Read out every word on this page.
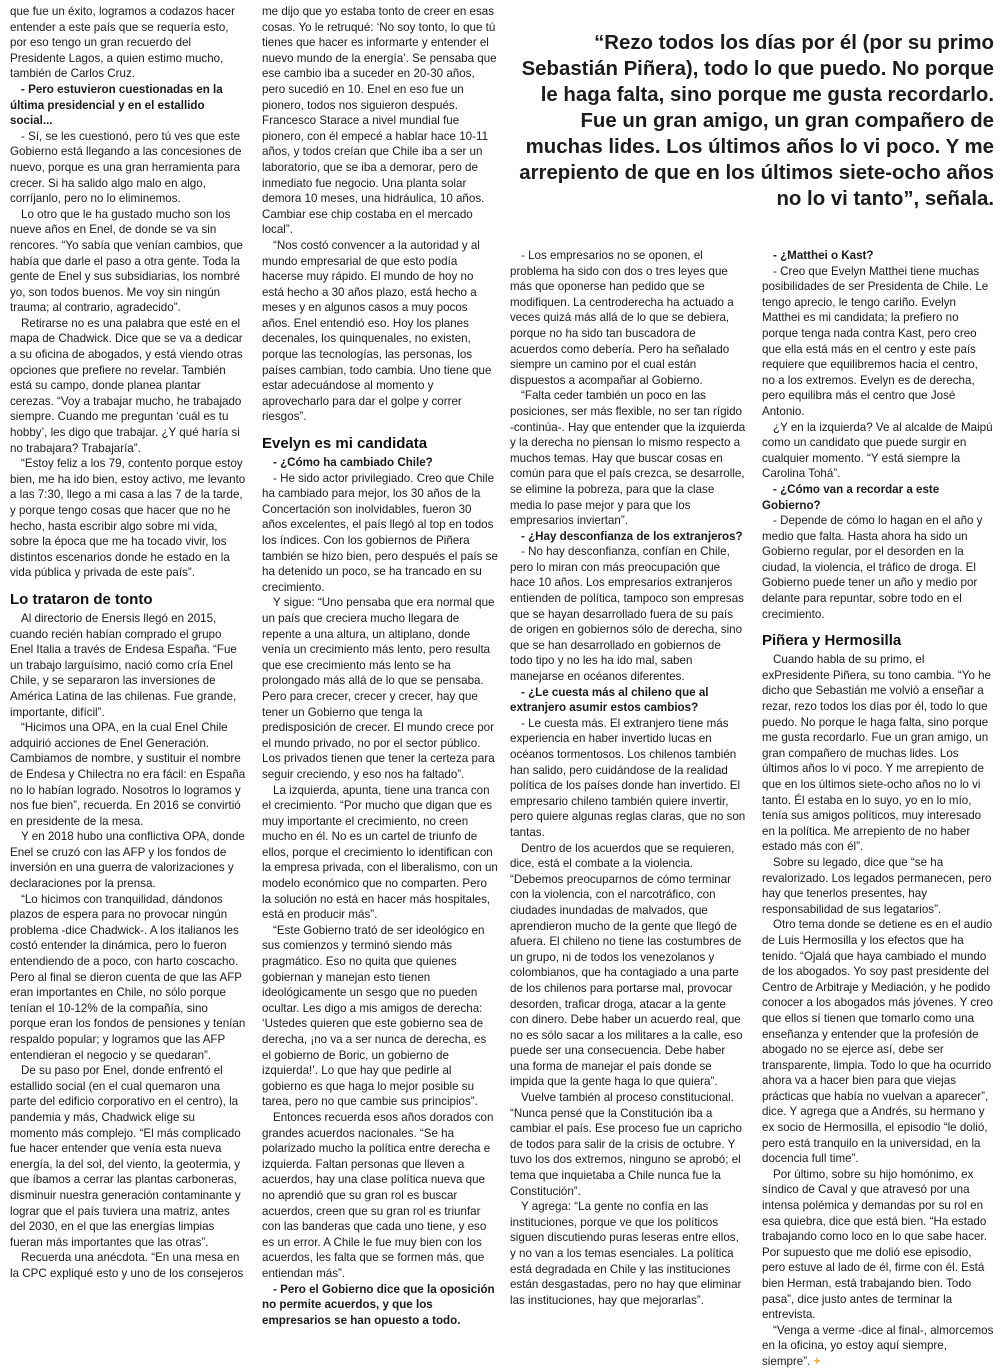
“Rezo todos los días por él (por su primo Sebastián Piñera), todo lo que puedo. No porque le haga falta, sino porque me gusta recordarlo. Fue un gran amigo, un gran compañero de muchas lides. Los últimos años lo vi poco. Y me arrepiento de que en los últimos siete-ocho años no lo vi tanto”, señala.

que fue un éxito, logramos a codazos hacer entender a este país que se requería esto, por eso tengo un gran recuerdo del Presidente Lagos, a quien estimo mucho, también de Carlos Cruz.

- Pero estuvieron cuestionadas en la última presidencial y en el estallido social...

- Sí, se les cuestionó, pero tú ves que este Gobierno está llegando a las concesiones de nuevo, porque es una gran herramienta para crecer. Si ha salido algo malo en algo, corríjanlo, pero no lo eliminemos.

Lo otro que le ha gustado mucho son los nueve años en Enel, de donde se va sin rencores. “Yo sabía que venían cambios, que había que darle el paso a otra gente. Toda la gente de Enel y sus subsidiarias, los nombré yo, son todos buenos. Me voy sin ningún trauma; al contrario, agradecido”.

Retirarse no es una palabra que esté en el mapa de Chadwick. Dice que se va a dedicar a su oficina de abogados, y está viendo otras opciones que prefiere no revelar. También está su campo, donde planea plantar cerezas. “Voy a trabajar mucho, he trabajado siempre. Cuando me preguntan ‘cuál es tu hobby’, les digo que trabajar. ¿Y qué haría si no trabajara? Trabajaría”.

“Estoy feliz a los 79, contento porque estoy bien, me ha ido bien, estoy activo, me levanto a las 7:30, llego a mi casa a las 7 de la tarde, y porque tengo cosas que hacer que no he hecho, hasta escribir algo sobre mi vida, sobre la época que me ha tocado vivir, los distintos escenarios donde he estado en la vida pública y privada de este país”.

Lo trataron de tonto

Al directorio de Enersis llegó en 2015, cuando recién habían comprado el grupo Enel Italia a través de Endesa España. “Fue un trabajo larguísimo, nació como cría Enel Chile, y se separaron las inversiones de América Latina de las chilenas. Fue grande, importante, difícil”.

“Hicimos una OPA, en la cual Enel Chile adquirió acciones de Enel Generación. Cambiamos de nombre, y sustituir el nombre de Endesa y Chilectra no era fácil: en España no lo habían logrado. Nosotros lo logramos y nos fue bien”, recuerda. En 2016 se convirtió en presidente de la mesa.

Y en 2018 hubo una conflictiva OPA, donde Enel se cruzó con las AFP y los fondos de inversión en una guerra de valorizaciones y declaraciones por la prensa.

“Lo hicimos con tranquilidad, dándonos plazos de espera para no provocar ningún problema -dice Chadwick-. A los italianos les costó entender la dinámica, pero lo fueron entendiendo de a poco, con harto coscacho. Pero al final se dieron cuenta de que las AFP eran importantes en Chile, no sólo porque tenían el 10-12% de la compañía, sino porque eran los fondos de pensiones y tenían respaldo popular; y logramos que las AFP entendieran el negocio y se quedaran”.

De su paso por Enel, donde enfrentó el estallido social (en el cual quemaron una parte del edificio corporativo en el centro), la pandemia y más, Chadwick elige su momento más complejo. “El más complicado fue hacer entender que venía esta nueva energía, la del sol, del viento, la geotermia, y que íbamos a cerrar las plantas carboneras, disminuir nuestra generación contaminante y lograr que el país tuviera una matriz, antes del 2030, en el que las energías limpias fueran más importantes que las otras”.

Recuerda una anécdota. “En una mesa en la CPC expliqué esto y uno de los consejeros

me dijo que yo estaba tonto de creer en esas cosas. Yo le retruqué: ‘No soy tonto, lo que tú tienes que hacer es informarte y entender el nuevo mundo de la energía’. Se pensaba que ese cambio iba a suceder en 20-30 años, pero sucedió en 10. Enel en eso fue un pionero, todos nos siguieron después. Francesco Starace a nivel mundial fue pionero, con él empecé a hablar hace 10-11 años, y todos creían que Chile iba a ser un laboratorio, que se iba a demorar, pero de inmediato fue negocio. Una planta solar demora 10 meses, una hidráulica, 10 años. Cambiar ese chip costaba en el mercado local”.

“Nos costó convencer a la autoridad y al mundo empresarial de que esto podía hacerse muy rápido. El mundo de hoy no está hecho a 30 años plazo, está hecho a meses y en algunos casos a muy pocos años. Enel entendió eso. Hoy los planes decenales, los quinquenales, no existen, porque las tecnologías, las personas, los países cambian, todo cambia. Uno tiene que estar adecuándose al momento y aprovecharlo para dar el golpe y correr riesgos”.

Evelyn es mi candidata

- ¿Cómo ha cambiado Chile?

- He sido actor privilegiado. Creo que Chile ha cambiado para mejor, los 30 años de la Concertación son inolvidables, fueron 30 años excelentes, el país llegó al top en todos los índices. Con los gobiernos de Piñera también se hizo bien, pero después el país se ha detenido un poco, se ha trancado en su crecimiento.

Y sigue: “Uno pensaba que era normal que un país que creciera mucho llegara de repente a una altura, un altiplano, donde venía un crecimiento más lento, pero resulta que ese crecimiento más lento se ha prolongado más allá de lo que se pensaba. Pero para crecer, crecer y crecer, hay que tener un Gobierno que tenga la predisposición de crecer. El mundo crece por el mundo privado, no por el sector público. Los privados tienen que tener la certeza para seguir creciendo, y eso nos ha faltado”.

La izquierda, apunta, tiene una tranca con el crecimiento. “Por mucho que digan que es muy importante el crecimiento, no creen mucho en él. No es un cartel de triunfo de ellos, porque el crecimiento lo identifican con la empresa privada, con el liberalismo, con un modelo económico que no comparten. Pero la solución no está en hacer más hospitales, está en producir más”.

“Este Gobierno trató de ser ideológico en sus comienzos y terminó siendo más pragmático. Eso no quita que quienes gobiernan y manejan esto tienen ideológicamente un sesgo que no pueden ocultar. Les digo a mis amigos de derecha: ‘Ustedes quieren que este gobierno sea de derecha, ¡no va a ser nunca de derecha, es el gobierno de Boric, un gobierno de izquierda!’. Lo que hay que pedirle al gobierno es que haga lo mejor posible su tarea, pero no que cambie sus principios”.

Entonces recuerda esos años dorados con grandes acuerdos nacionales. “Se ha polarizado mucho la política entre derecha e izquierda. Faltan personas que lleven a acuerdos, hay una clase política nueva que no aprendió que su gran rol es buscar acuerdos, creen que su gran rol es triunfar con las banderas que cada uno tiene, y eso es un error. A Chile le fue muy bien con los acuerdos, les falta que se formen más, que entiendan más”.

- Pero el Gobierno dice que la oposición no permite acuerdos, y que los empresarios se han opuesto a todo.

- Los empresarios no se oponen, el problema ha sido con dos o tres leyes que más que oponerse han pedido que se modifiquen. La centroderecha ha actuado a veces quizá más allá de lo que se debiera, porque no ha sido tan buscadora de acuerdos como debería. Pero ha señalado siempre un camino por el cual están dispuestos a acompañar al Gobierno.

“Falta ceder también un poco en las posiciones, ser más flexible, no ser tan rígido -continúa-. Hay que entender que la izquierda y la derecha no piensan lo mismo respecto a muchos temas. Hay que buscar cosas en común para que el país crezca, se desarrolle, se elimine la pobreza, para que la clase media lo pase mejor y para que los empresarios inviertan”.

- ¿Hay desconfianza de los extranjeros?

- No hay desconfianza, confían en Chile, pero lo miran con más preocupación que hace 10 años. Los empresarios extranjeros entienden de política, tampoco son empresas que se hayan desarrollado fuera de su país de origen en gobiernos sólo de derecha, sino que se han desarrollado en gobiernos de todo tipo y no les ha ido mal, saben manejarse en océanos diferentes.

- ¿Le cuesta más al chileno que al extranjero asumir estos cambios?

- Le cuesta más. El extranjero tiene más experiencia en haber invertido lucas en océanos tormentosos. Los chilenos también han salido, pero cuidándose de la realidad política de los países donde han invertido. El empresario chileno también quiere invertir, pero quiere algunas reglas claras, que no son tantas.

Dentro de los acuerdos que se requieren, dice, está el combate a la violencia. “Debemos preocuparnos de cómo terminar con la violencia, con el narcotráfico, con ciudades inundadas de malvados, que aprendieron mucho de la gente que llegó de afuera. El chileno no tiene las costumbres de un grupo, ni de todos los venezolanos y colombianos, que ha contagiado a una parte de los chilenos para portarse mal, provocar desorden, traficar droga, atacar a la gente con dinero. Debe haber un acuerdo real, que no es sólo sacar a los militares a la calle, eso puede ser una consecuencia. Debe haber una forma de manejar el país donde se impida que la gente haga lo que quiera”.

Vuelve también al proceso constitucional. “Nunca pensé que la Constitución iba a cambiar el país. Ese proceso fue un capricho de todos para salir de la crisis de octubre. Y tuvo los dos extremos, ninguno se aprobó; el tema que inquietaba a Chile nunca fue la Constitución”.

Y agrega: “La gente no confía en las instituciones, porque ve que los políticos siguen discutiendo puras leseras entre ellos, y no van a los temas esenciales. La política está degradada en Chile y las instituciones están desgastadas, pero no hay que eliminar las instituciones, hay que mejorarlas”.

- ¿Matthei o Kast?

- Creo que Evelyn Matthei tiene muchas posibilidades de ser Presidenta de Chile. Le tengo aprecio, le tengo cariño. Evelyn Matthei es mi candidata; la prefiero no porque tenga nada contra Kast, pero creo que ella está más en el centro y este país requiere que equilibremos hacia el centro, no a los extremos. Evelyn es de derecha, pero equilibra más el centro que José Antonio.

¿Y en la izquierda? Ve al alcalde de Maipú como un candidato que puede surgir en cualquier momento. “Y está siempre la Carolina Tohá”.

- ¿Cómo van a recordar a este Gobierno?

- Depende de cómo lo hagan en el año y medio que falta. Hasta ahora ha sido un Gobierno regular, por el desorden en la ciudad, la violencia, el tráfico de droga. El Gobierno puede tener un año y medio por delante para repuntar, sobre todo en el crecimiento.

Piñera y Hermosilla

Cuando habla de su primo, el exPresidente Piñera, su tono cambia. “Yo he dicho que Sebastián me volvió a enseñar a rezar, rezo todos los días por él, todo lo que puedo. No porque le haga falta, sino porque me gusta recordarlo. Fue un gran amigo, un gran compañero de muchas lides. Los últimos años lo vi poco. Y me arrepiento de que en los últimos siete-ocho años no lo vi tanto. Él estaba en lo suyo, yo en lo mío, tenía sus amigos políticos, muy interesado en la política. Me arrepiento de no haber estado más con él”.

Sobre su legado, dice que “se ha revalorizado. Los legados permanecen, pero hay que tenerlos presentes, hay responsabilidad de sus legatarios”.

Otro tema donde se detiene es en el audio de Luis Hermosilla y los efectos que ha tenido. “Ojalá que haya cambiado el mundo de los abogados. Yo soy past presidente del Centro de Arbitraje y Mediación, y he podido conocer a los abogados más jóvenes. Y creo que ellos sí tienen que tomarlo como una enseñanza y entender que la profesión de abogado no se ejerce así, debe ser transparente, limpia. Todo lo que ha ocurrido ahora va a hacer bien para que viejas prácticas que había no vuelvan a aparecer”, dice. Y agrega que a Andrés, su hermano y ex socio de Hermosilla, el episodio “le dolió, pero está tranquilo en la universidad, en la docencia full time”.

Por último, sobre su hijo homónimo, ex síndico de Caval y que atravesó por una intensa polémica y demandas por su rol en esa quiebra, dice que está bien. “Ha estado trabajando como loco en lo que sabe hacer. Por supuesto que me dolió ese episodio, pero estuve al lado de él, firme con él. Está bien Herman, está trabajando bien. Todo pasa”, dice justo antes de terminar la entrevista.

“Venga a verme -dice al final-, almorcemos en la oficina, yo estoy aquí siempre, siempre”. +
